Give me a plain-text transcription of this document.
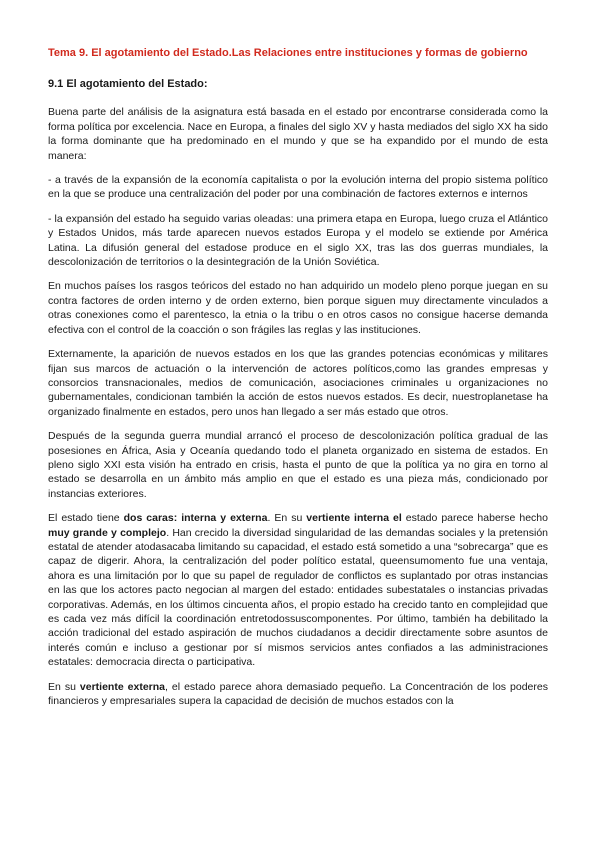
Tema 9. El agotamiento del Estado.Las Relaciones entre instituciones y formas de gobierno
9.1 El agotamiento del Estado:

Buena parte del análisis de la asignatura está basada en el estado por encontrarse considerada como la forma política por excelencia. Nace en Europa, a finales del siglo XV y hasta mediados del siglo XX ha sido la forma dominante que ha predominado en el mundo y que se ha expandido por el mundo de esta manera:

- a través de la expansión de la economía capitalista o por la evolución interna del propio sistema político en la que se produce una centralización del poder por una combinación de factores externos e internos

- la expansión del estado ha seguido varias oleadas: una primera etapa en Europa, luego cruza el Atlántico y Estados Unidos, más tarde aparecen nuevos estados Europa y el modelo se extiende por América Latina. La difusión general del estadose produce en el siglo XX, tras las dos guerras mundiales, la descolonización de territorios o la desintegración de la Unión Soviética.

En muchos países los rasgos teóricos del estado no han adquirido un modelo pleno porque juegan en su contra factores de orden interno y de orden externo, bien porque siguen muy directamente vinculados a otras conexiones como el parentesco, la etnia o la tribu o en otros casos no consigue hacerse demanda efectiva con el control de la coacción o son frágiles las reglas y las instituciones.

Externamente, la aparición de nuevos estados en los que las grandes potencias económicas y militares fijan sus marcos de actuación o la intervención de actores políticos,como las grandes empresas y consorcios transnacionales, medios de comunicación, asociaciones criminales u organizaciones no gubernamentales, condicionan también la acción de estos nuevos estados. Es decir, nuestroplanetase ha organizado finalmente en estados, pero unos han llegado a ser más estado que otros.

Después de la segunda guerra mundial arrancó el proceso de descolonización política gradual de las posesiones en África, Asia y Oceanía quedando todo el planeta organizado en sistema de estados. En pleno siglo XXI esta visión ha entrado en crisis, hasta el punto de que la política ya no gira en torno al estado se desarrolla en un ámbito más amplio en que el estado es una pieza más, condicionado por instancias exteriores.

El estado tiene dos caras: interna y externa. En su vertiente interna el estado parece haberse hecho muy grande y complejo. Han crecido la diversidad singularidad de las demandas sociales y la pretensión estatal de atender atodasacaba limitando su capacidad, el estado está sometido a una “sobrecarga” que es capaz de digerir. Ahora, la centralización del poder político estatal, queensumomento fue una ventaja, ahora es una limitación por lo que su papel de regulador de conflictos es suplantado por otras instancias en las que los actores pacto negocian al margen del estado: entidades subestatales o instancias privadas corporativas. Además, en los últimos cincuenta años, el propio estado ha crecido tanto en complejidad que es cada vez más difícil la coordinación entretodossuscomponentes. Por último, también ha debilitado la acción tradicional del estado aspiración de muchos ciudadanos a decidir directamente sobre asuntos de interés común e incluso a gestionar por sí mismos servicios antes confiados a las administraciones estatales: democracia directa o participativa.

En su vertiente externa, el estado parece ahora demasiado pequeño. La Concentración de los poderes financieros y empresariales supera la capacidad de decisión de muchos estados con la
